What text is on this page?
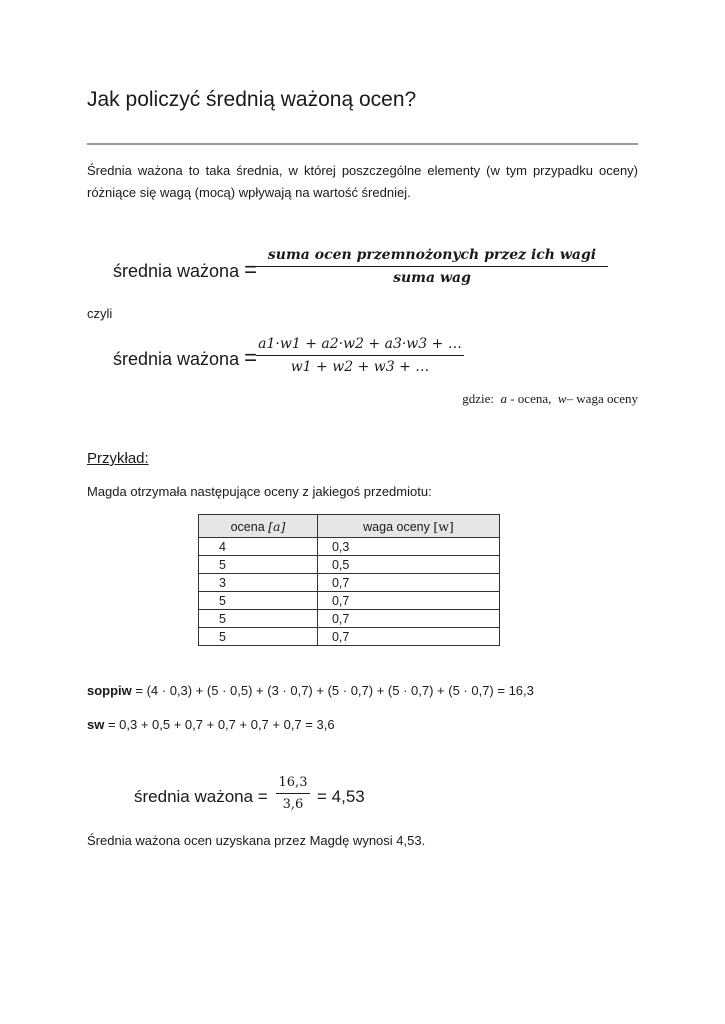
Jak policzyć średnią ważoną ocen?
Średnia ważona to taka średnia, w której poszczególne elementy (w tym przypadku oceny) różniące się wagą (mocą) wpływają na wartość średniej.
średnia ważona =
suma ocen przemnożonych przez ich wagi
suma wag
czyli
średnia ważona =
a1·w1 + a2·w2 + a3·w3 + …
w1 + w2 + w3 + …
gdzie: a - ocena, w– waga oceny
Przykład:
Magda otrzymała następujące oceny z jakiegoś przedmiotu:
ocena [a]	waga oceny [w]
4	0,3
5	0,5
3	0,7
5	0,7
5	0,7
5	0,7
soppiw = (4 · 0,3) + (5 · 0,5) + (3 · 0,7) + (5 · 0,7) + (5 · 0,7) + (5 · 0,7) = 16,3
sw = 0,3 + 0,5 + 0,7 + 0,7 + 0,7 + 0,7 = 3,6
średnia ważona =
16,3
3,6 = 4,53
Średnia ważona ocen uzyskana przez Magdę wynosi 4,53.
